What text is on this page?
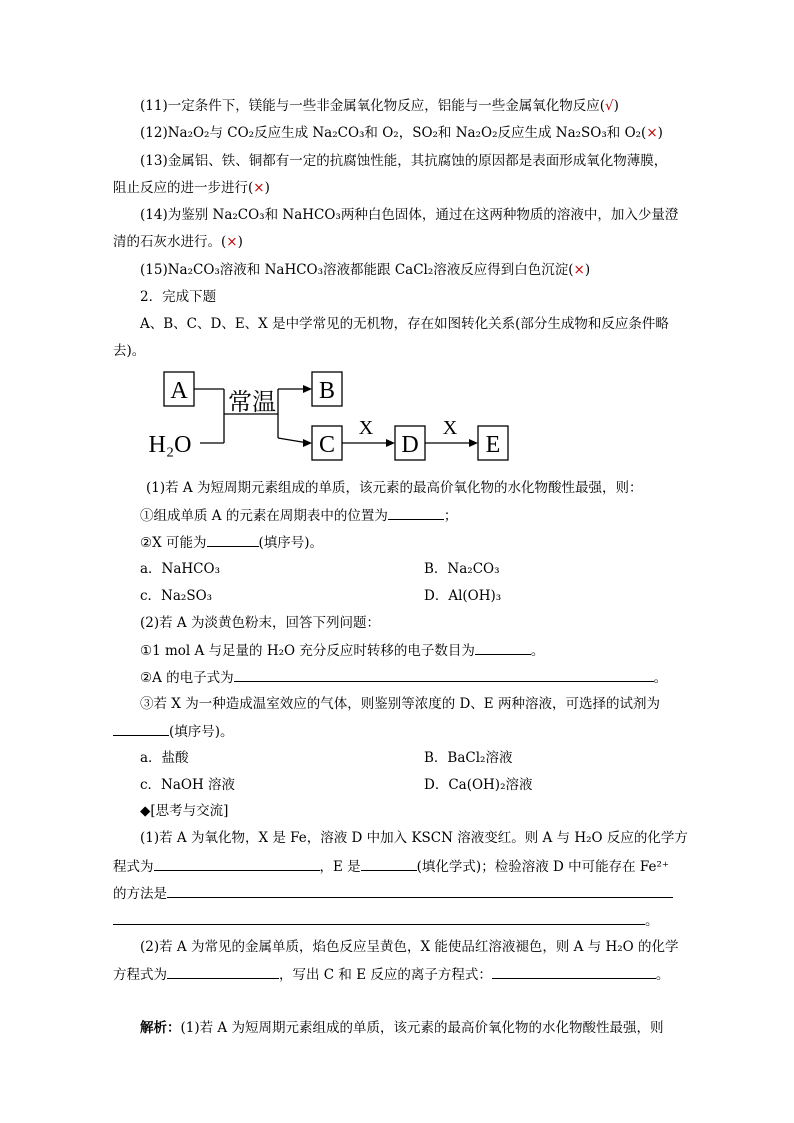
(11)一定条件下，镁能与一些非金属氧化物反应，铝能与一些金属氧化物反应(√)
(12)Na₂O₂与 CO₂反应生成 Na₂CO₃和 O₂，SO₂和 Na₂O₂反应生成 Na₂SO₃和 O₂(×)
(13)金属铝、铁、铜都有一定的抗腐蚀性能，其抗腐蚀的原因都是表面形成氧化物薄膜，
阻止反应的进一步进行(×)
(14)为鉴别 Na₂CO₃和 NaHCO₃两种白色固体，通过在这两种物质的溶液中，加入少量澄
清的石灰水进行。(×)
(15)Na₂CO₃溶液和 NaHCO₃溶液都能跟 CaCl₂溶液反应得到白色沉淀(×)
2．完成下题
A、B、C、D、E、X 是中学常见的无机物，存在如图转化关系(部分生成物和反应条件略
去)。
A	B
C	D	E
H₂O
常温
X	X
(1)若 A 为短周期元素组成的单质，该元素的最高价氧化物的水化物酸性最强，则：
①组成单质 A 的元素在周期表中的位置为	；
②X 可能为	(填序号)。
a．NaHCO₃	B．Na₂CO₃
c．Na₂SO₃	D．Al(OH)₃
(2)若 A 为淡黄色粉末，回答下列问题：
①1 mol A 与足量的 H₂O 充分反应时转移的电子数目为	。
②A 的电子式为	。
③若 X 为一种造成温室效应的气体，则鉴别等浓度的 D、E 两种溶液，可选择的试剂为
(填序号)。
a．盐酸	B．BaCl₂溶液
c．NaOH 溶液	D．Ca(OH)₂溶液
◆[思考与交流]
(1)若 A 为氧化物，X 是 Fe，溶液 D 中加入 KSCN 溶液变红。则 A 与 H₂O 反应的化学方
程式为	，E 是	(填化学式)；检验溶液 D 中可能存在 Fe²⁺
的方法是
。
(2)若 A 为常见的金属单质，焰色反应呈黄色，X 能使品红溶液褪色，则 A 与 H₂O 的化学
方程式为	，写出 C 和 E 反应的离子方程式：	。
解析：(1)若 A 为短周期元素组成的单质，该元素的最高价氧化物的水化物酸性最强，则
